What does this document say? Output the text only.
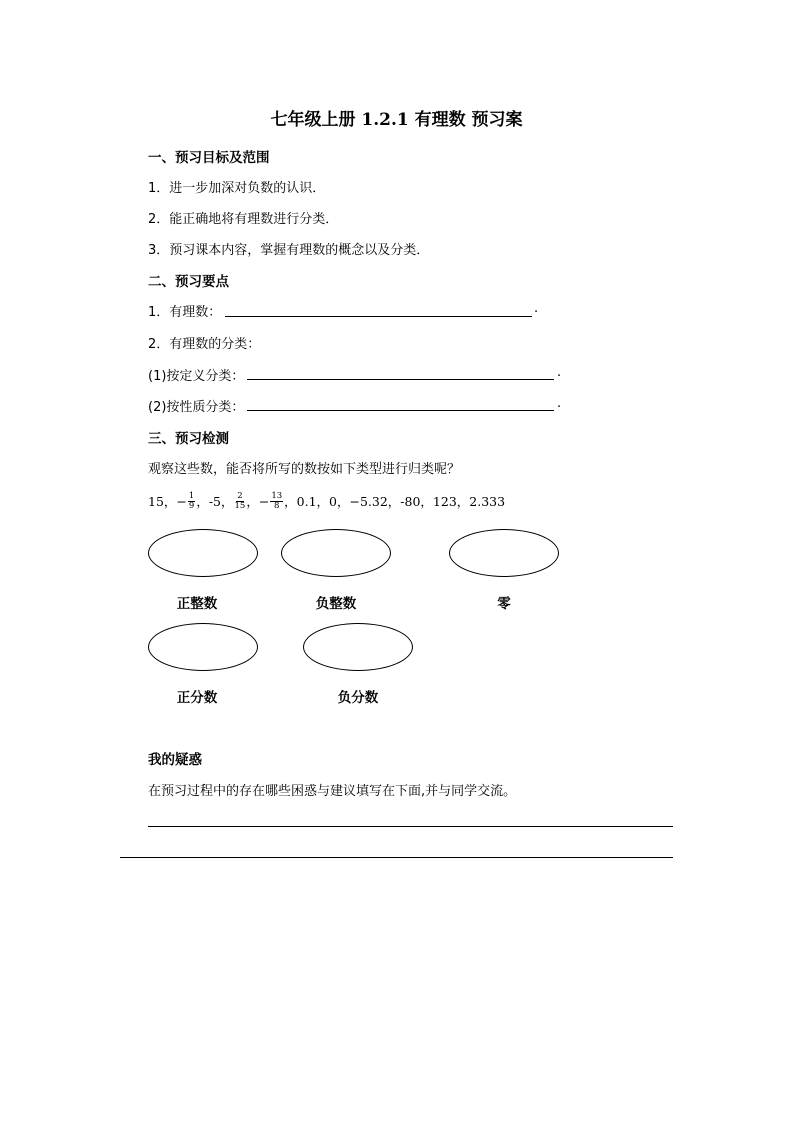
七年级上册 1.2.1 有理数 预习案
一、预习目标及范围
1．进一步加深对负数的认识．
2．能正确地将有理数进行分类．
3．预习课本内容，掌握有理数的概念以及分类．
二、预习要点
1．有理数：	.
2．有理数的分类：
(1)按定义分类：	.
(2)按性质分类：	.
三、预习检测
观察这些数，能否将所写的数按如下类型进行归类呢？
15， − $\frac{1}{9}$ ，-5， $\frac{2}{15}$ ， − $\frac{13}{8}$ ，0.1，0，−5.32，-80，123，2.333
正整数	负整数	零
正分数	负分数
我的疑惑
在预习过程中的存在哪些困惑与建议填写在下面,并与同学交流。
